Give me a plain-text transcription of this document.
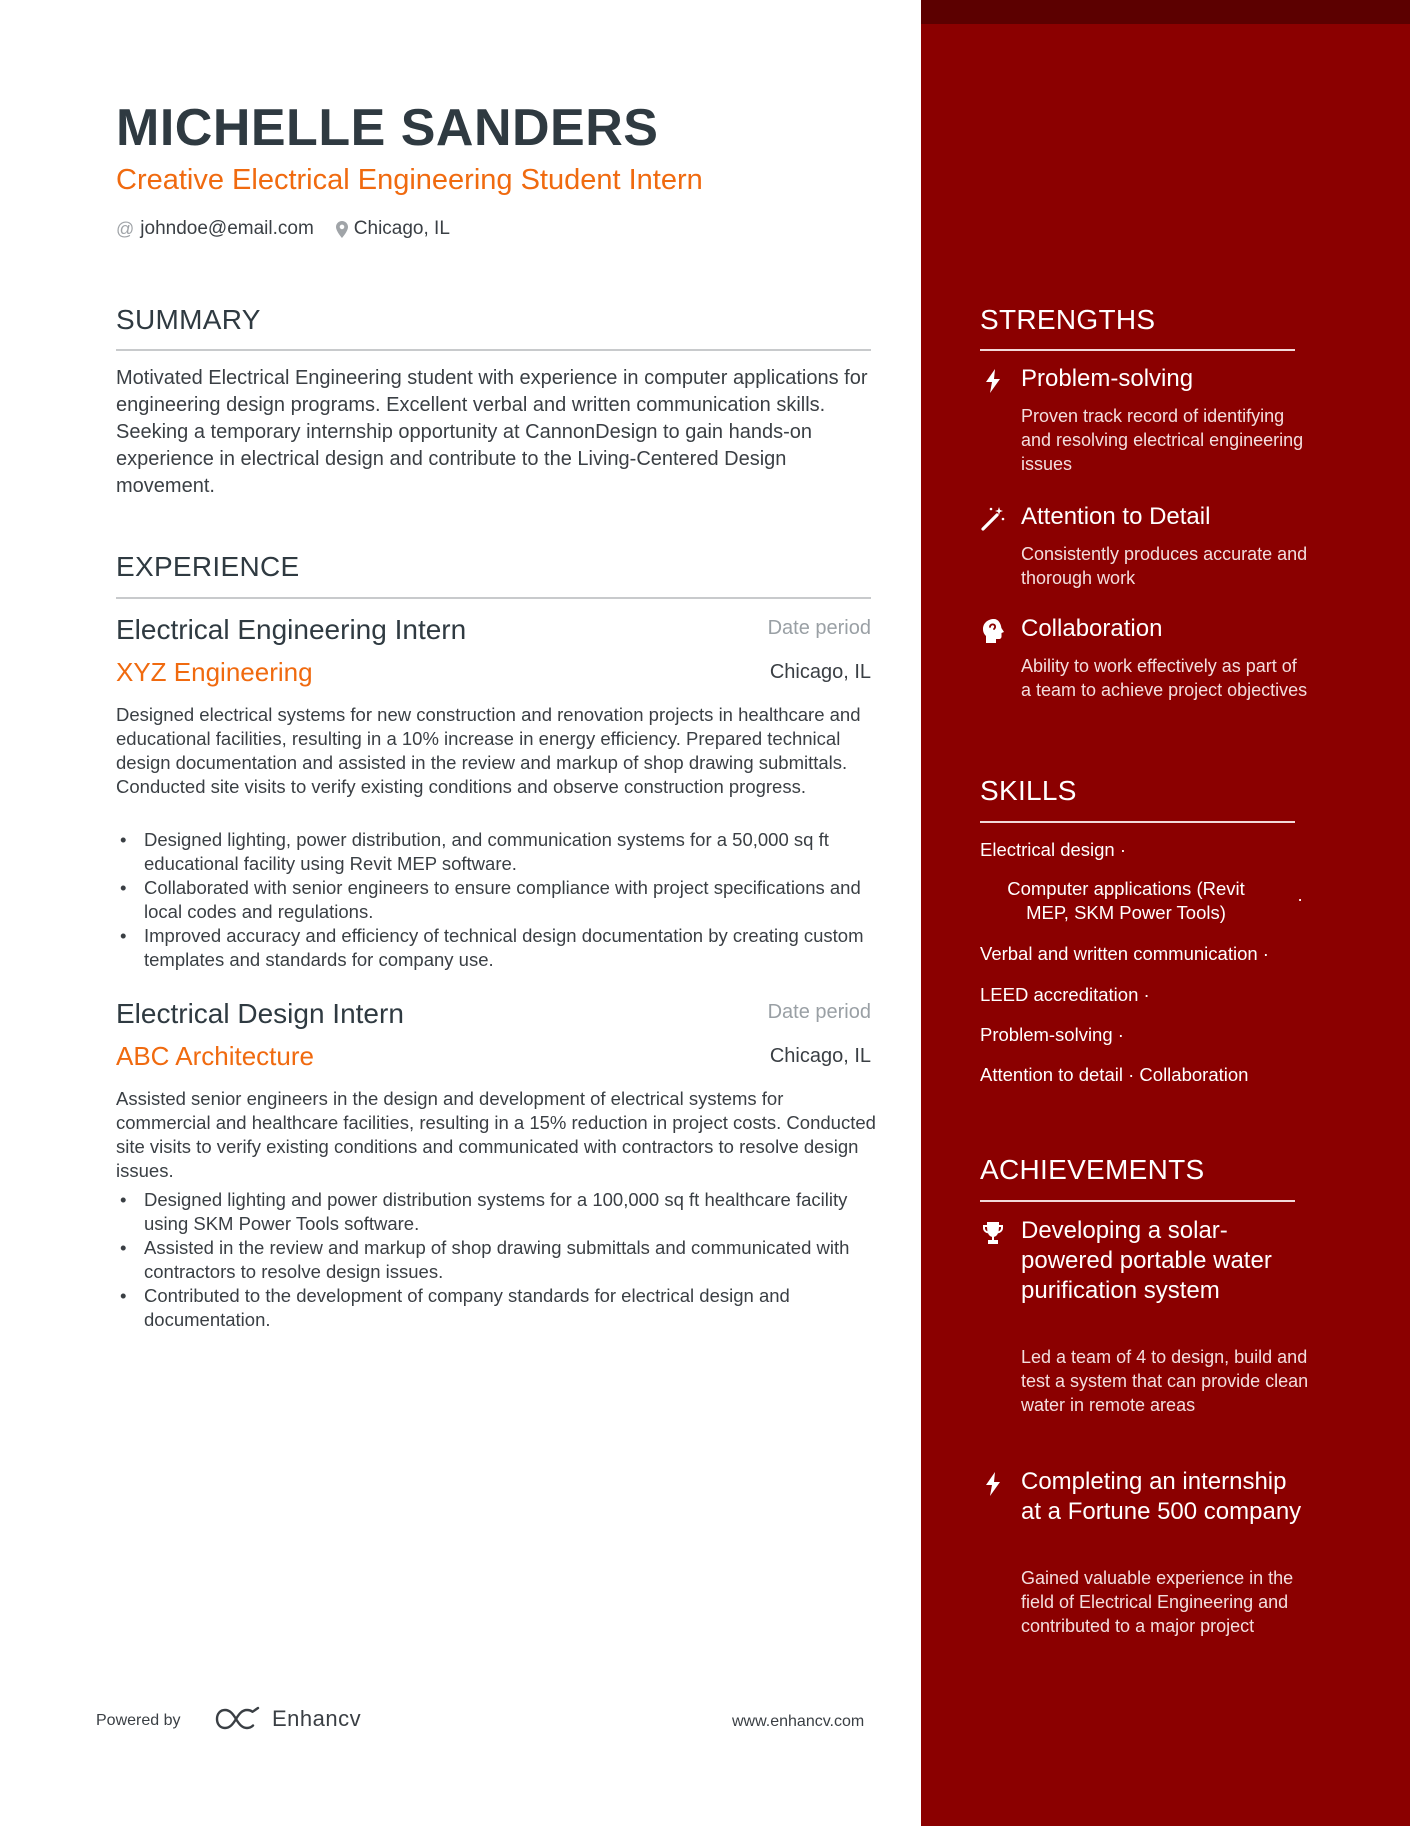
MICHELLE SANDERS
Creative Electrical Engineering Student Intern
@ johndoe@email.com Chicago, IL
SUMMARY
Motivated Electrical Engineering student with experience in computer applications for engineering design programs. Excellent verbal and written communication skills. Seeking a temporary internship opportunity at CannonDesign to gain hands-on experience in electrical design and contribute to the Living-Centered Design movement.
EXPERIENCE
Electrical Engineering Intern	Date period
XYZ Engineering	Chicago, IL
Designed electrical systems for new construction and renovation projects in healthcare and educational facilities, resulting in a 10% increase in energy efficiency. Prepared technical design documentation and assisted in the review and markup of shop drawing submittals. Conducted site visits to verify existing conditions and observe construction progress.
• Designed lighting, power distribution, and communication systems for a 50,000 sq ft educational facility using Revit MEP software.
• Collaborated with senior engineers to ensure compliance with project specifications and local codes and regulations.
• Improved accuracy and efficiency of technical design documentation by creating custom templates and standards for company use.
Electrical Design Intern	Date period
ABC Architecture	Chicago, IL
Assisted senior engineers in the design and development of electrical systems for commercial and healthcare facilities, resulting in a 15% reduction in project costs. Conducted site visits to verify existing conditions and communicated with contractors to resolve design issues.
• Designed lighting and power distribution systems for a 100,000 sq ft healthcare facility using SKM Power Tools software.
• Assisted in the review and markup of shop drawing submittals and communicated with contractors to resolve design issues.
• Contributed to the development of company standards for electrical design and documentation.
Powered by	Enhancv	www.enhancv.com
STRENGTHS
Problem-solving
Proven track record of identifying and resolving electrical engineering issues
Attention to Detail
Consistently produces accurate and thorough work
Collaboration
Ability to work effectively as part of a team to achieve project objectives
SKILLS
Electrical design ·
Computer applications (Revit MEP, SKM Power Tools)
·
Verbal and written communication ·
LEED accreditation ·
Problem-solving ·
Attention to detail · Collaboration
ACHIEVEMENTS
Developing a solar-powered portable water purification system
Led a team of 4 to design, build and test a system that can provide clean water in remote areas
Completing an internship at a Fortune 500 company
Gained valuable experience in the field of Electrical Engineering and contributed to a major project
